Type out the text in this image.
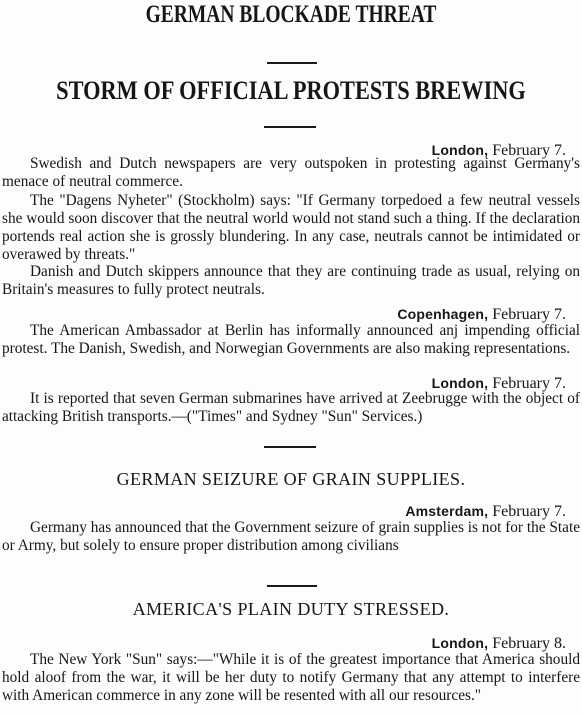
GERMAN BLOCKADE THREAT
STORM OF OFFICIAL PROTESTS BREWING
London, February 7.
Swedish and Dutch newspapers are very outspoken in protesting against Germany's menace of neutral commerce.
The "Dagens Nyheter" (Stockholm) says: "If Germany torpedoed a few neutral vessels she would soon discover that the neutral world would not stand such a thing. If the declaration portends real action she is grossly blundering. In any case, neutrals cannot be intimidated or overawed by threats."
Danish and Dutch skippers announce that they are continuing trade as usual, relying on Britain's measures to fully protect neutrals.
Copenhagen, February 7.
The American Ambassador at Berlin has informally announced anj impending official protest. The Danish, Swedish, and Norwegian Governments are also making representations.
London, February 7.
It is reported that seven German submarines have arrived at Zeebrugge with the object of attacking British transports.—("Times" and Sydney "Sun" Services.)
GERMAN SEIZURE OF GRAIN SUPPLIES.
Amsterdam, February 7.
Germany has announced that the Government seizure of grain supplies is not for the State or Army, but solely to ensure proper distribution among civilians
AMERICA'S PLAIN DUTY STRESSED.
London, February 8.
The New York "Sun" says:—"While it is of the greatest importance that America should hold aloof from the war, it will be her duty to notify Germany that any attempt to interfere with American commerce in any zone will be resented with all our resources."
